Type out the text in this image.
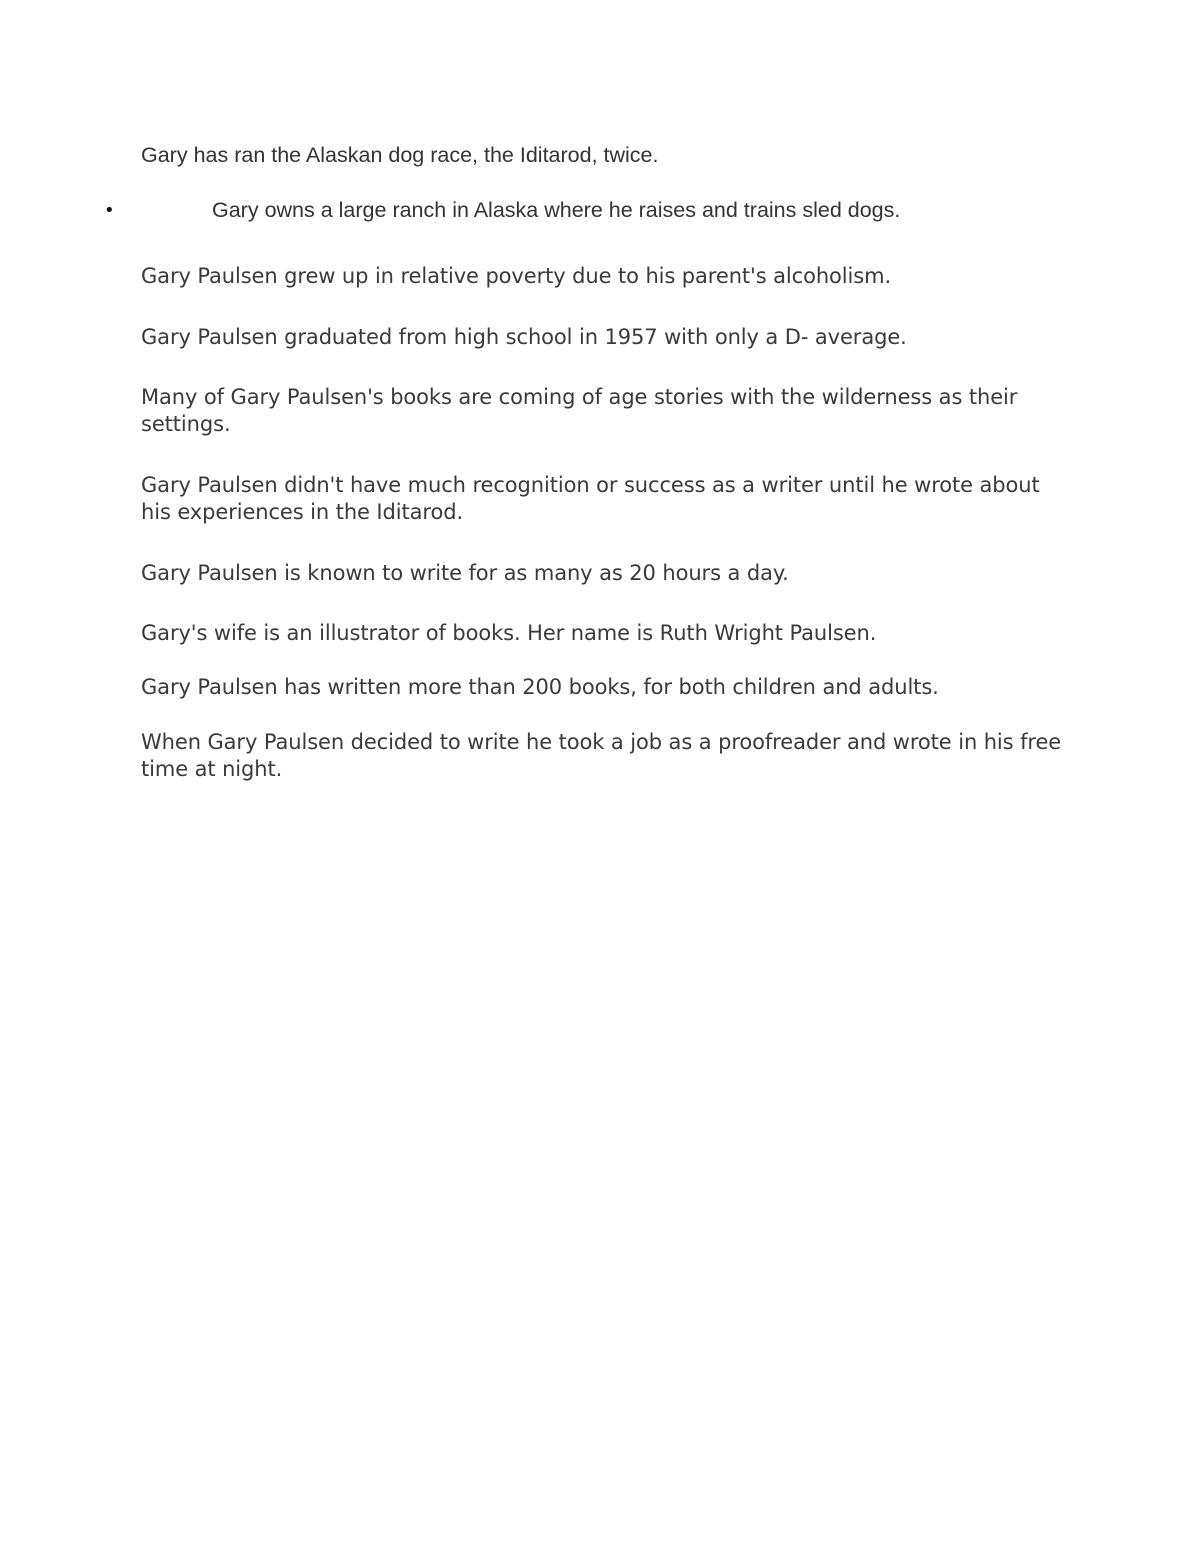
Gary has ran the Alaskan dog race, the Iditarod, twice.

•	Gary owns a large ranch in Alaska where he raises and trains sled dogs.

Gary Paulsen grew up in relative poverty due to his parent's alcoholism.

Gary Paulsen graduated from high school in 1957 with only a D- average.

Many of Gary Paulsen's books are coming of age stories with the wilderness as their settings.

Gary Paulsen didn't have much recognition or success as a writer until he wrote about his experiences in the Iditarod.

Gary Paulsen is known to write for as many as 20 hours a day.

Gary's wife is an illustrator of books. Her name is Ruth Wright Paulsen.

Gary Paulsen has written more than 200 books, for both children and adults.

When Gary Paulsen decided to write he took a job as a proofreader and wrote in his free time at night.
